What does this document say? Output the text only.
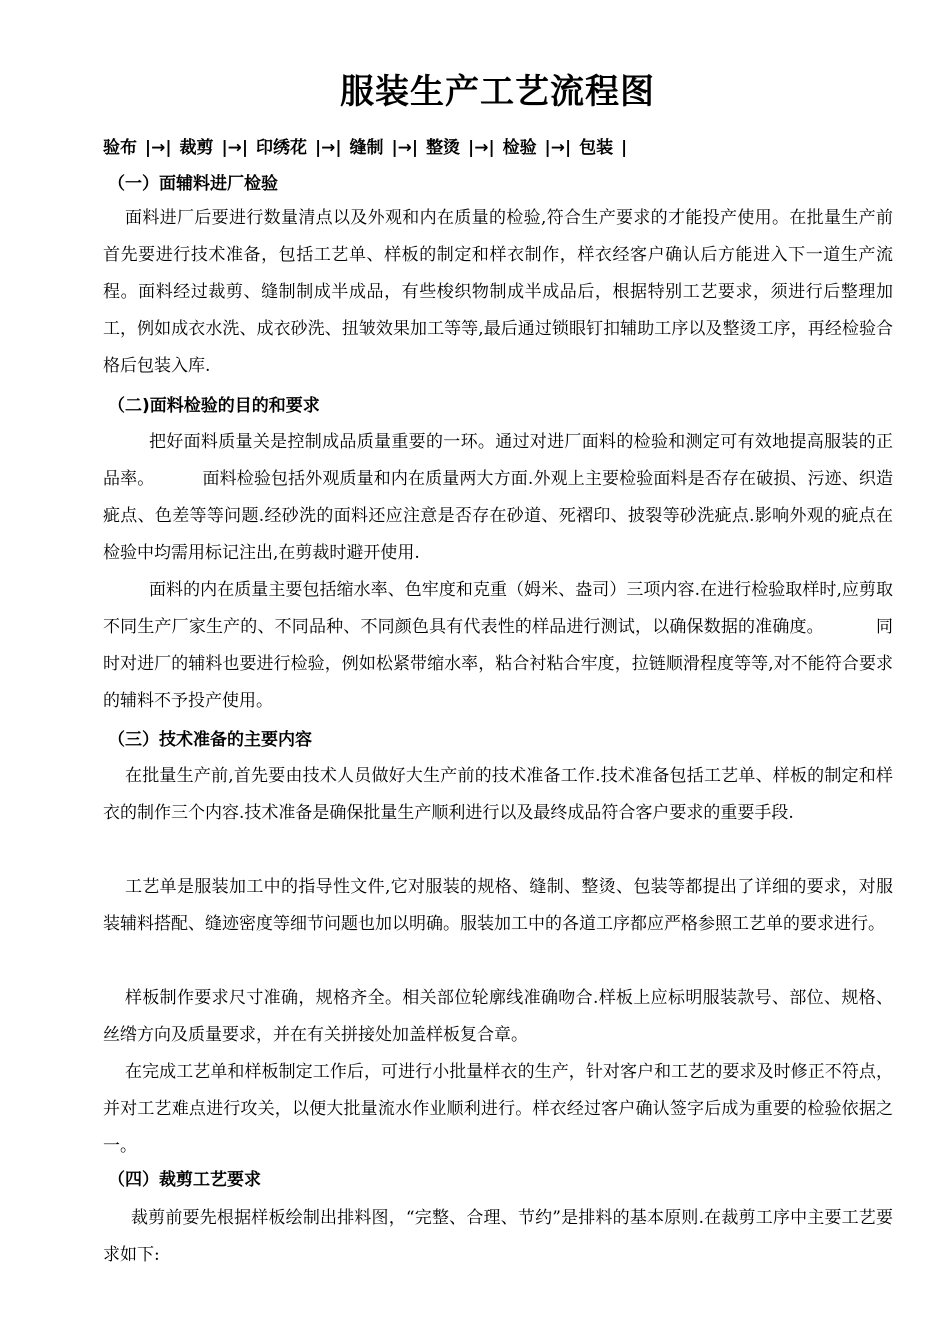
服装生产工艺流程图
验布 |→| 裁剪 |→| 印绣花 |→| 缝制 |→| 整烫 |→| 检验 |→| 包装 |
（一）面辅料进厂检验
面料进厂后要进行数量清点以及外观和内在质量的检验,符合生产要求的才能投产使用。在批量生产前首先要进行技术准备，包括工艺单、样板的制定和样衣制作，样衣经客户确认后方能进入下一道生产流程。面料经过裁剪、缝制制成半成品，有些梭织物制成半成品后，根据特别工艺要求，须进行后整理加工，例如成衣水洗、成衣砂洗、扭皱效果加工等等,最后通过锁眼钉扣辅助工序以及整烫工序，再经检验合格后包装入库.
（二)面料检验的目的和要求
把好面料质量关是控制成品质量重要的一环。通过对进厂面料的检验和测定可有效地提高服装的正品率。	面料检验包括外观质量和内在质量两大方面.外观上主要检验面料是否存在破损、污迹、织造疵点、色差等等问题.经砂洗的面料还应注意是否存在砂道、死褶印、披裂等砂洗疵点.影响外观的疵点在检验中均需用标记注出,在剪裁时避开使用.
面料的内在质量主要包括缩水率、色牢度和克重（姆米、盎司）三项内容.在进行检验取样时,应剪取不同生产厂家生产的、不同品种、不同颜色具有代表性的样品进行测试，以确保数据的准确度。	同时对进厂的辅料也要进行检验，例如松紧带缩水率，粘合衬粘合牢度，拉链顺滑程度等等,对不能符合要求的辅料不予投产使用。
（三）技术准备的主要内容
在批量生产前,首先要由技术人员做好大生产前的技术准备工作.技术准备包括工艺单、样板的制定和样衣的制作三个内容.技术准备是确保批量生产顺利进行以及最终成品符合客户要求的重要手段.
工艺单是服装加工中的指导性文件,它对服装的规格、缝制、整烫、包装等都提出了详细的要求，对服装辅料搭配、缝迹密度等细节问题也加以明确。服装加工中的各道工序都应严格参照工艺单的要求进行。
样板制作要求尺寸准确，规格齐全。相关部位轮廓线准确吻合.样板上应标明服装款号、部位、规格、丝绺方向及质量要求，并在有关拼接处加盖样板复合章。
在完成工艺单和样板制定工作后，可进行小批量样衣的生产，针对客户和工艺的要求及时修正不符点，并对工艺难点进行攻关，以便大批量流水作业顺利进行。样衣经过客户确认签字后成为重要的检验依据之一。
（四）裁剪工艺要求
裁剪前要先根据样板绘制出排料图，“完整、合理、节约”是排料的基本原则.在裁剪工序中主要工艺要求如下:
